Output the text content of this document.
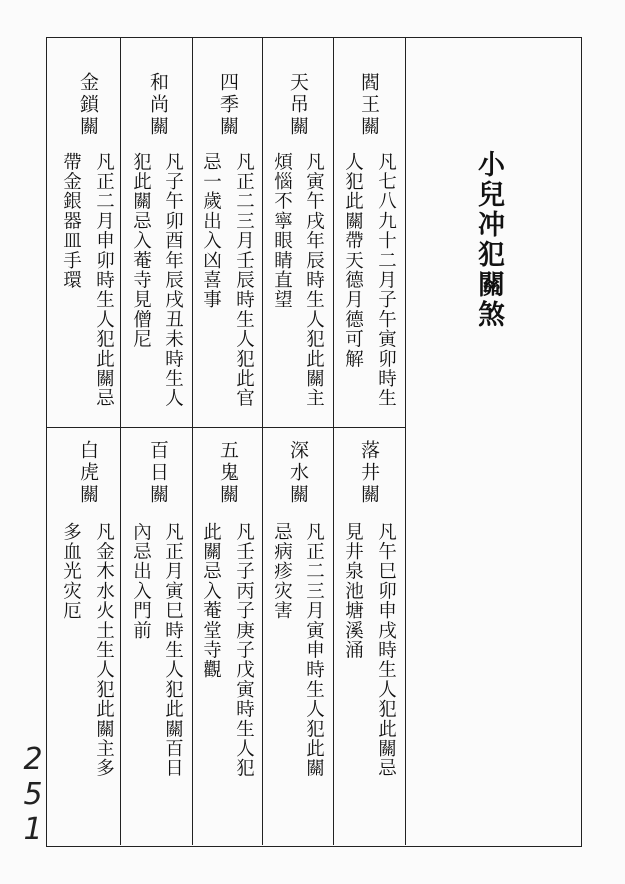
小兒冲犯關煞
閻王關
凡七八九十二月子午寅卯時生
人犯此關帶天德月德可解
天吊關
凡寅午戌年辰時生人犯此關主
煩惱不寧眼睛直望
四季關
凡正二三月壬辰時生人犯此官
忌一歲出入凶喜事
和尚關
凡子午卯酉年辰戌丑未時生人
犯此關忌入菴寺見僧尼
金鎖關
凡正二月申卯時生人犯此關忌
帶金銀器皿手環
落井關
凡午巳卯申戌時生人犯此關忌
見井泉池塘溪涌
深水關
凡正二三月寅申時生人犯此關
忌病疹灾害
五鬼關
凡壬子丙子庚子戊寅時生人犯
此關忌入菴堂寺觀
百日關
凡正月寅巳時生人犯此關百日
內忌出入門前
白虎關
凡金木水火土生人犯此關主多
多血光灾厄
251
